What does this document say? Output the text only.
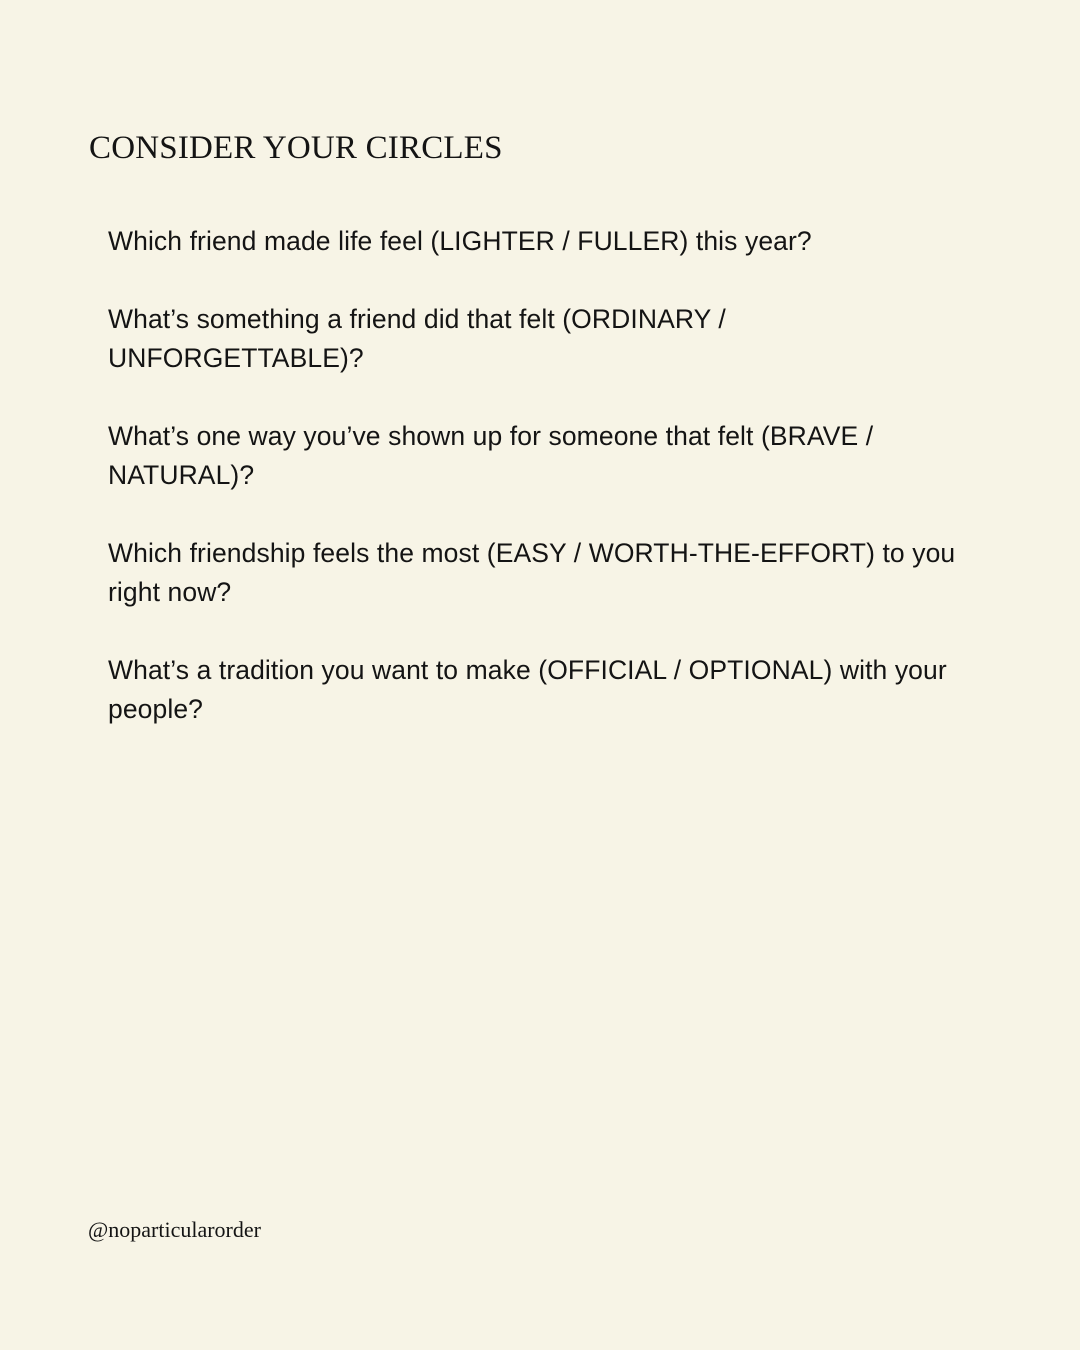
CONSIDER YOUR CIRCLES
Which friend made life feel (LIGHTER / FULLER) this year?
What’s something a friend did that felt (ORDINARY / UNFORGETTABLE)?
What’s one way you’ve shown up for someone that felt (BRAVE / NATURAL)?
Which friendship feels the most (EASY / WORTH-THE-EFFORT) to you right now?
What’s a tradition you want to make (OFFICIAL / OPTIONAL) with your people?
@noparticularorder
